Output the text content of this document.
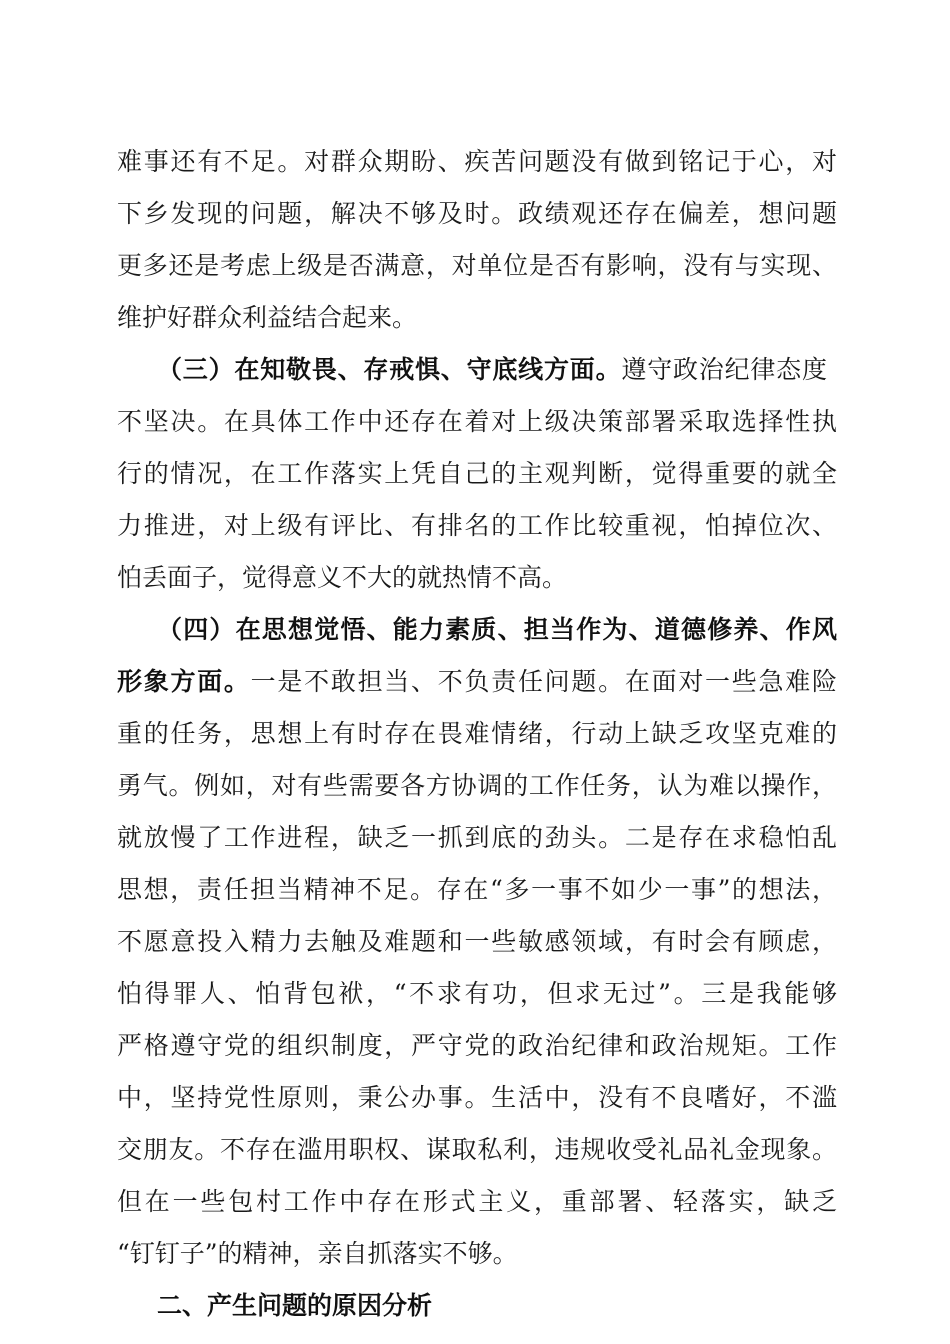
难事还有不足。对群众期盼、疾苦问题没有做到铭记于心，对
下乡发现的问题，解决不够及时。政绩观还存在偏差，想问题
更多还是考虑上级是否满意，对单位是否有影响，没有与实现、
维护好群众利益结合起来。
（三）在知敬畏、存戒惧、守底线方面。遵守政治纪律态度
不坚决。在具体工作中还存在着对上级决策部署采取选择性执
行的情况，在工作落实上凭自己的主观判断，觉得重要的就全
力推进，对上级有评比、有排名的工作比较重视，怕掉位次、
怕丢面子，觉得意义不大的就热情不高。
（四）在思想觉悟、能力素质、担当作为、道德修养、作风
形象方面。一是不敢担当、不负责任问题。在面对一些急难险
重的任务，思想上有时存在畏难情绪，行动上缺乏攻坚克难的
勇气。例如，对有些需要各方协调的工作任务，认为难以操作，
就放慢了工作进程，缺乏一抓到底的劲头。二是存在求稳怕乱
思想，责任担当精神不足。存在“多一事不如少一事”的想法，
不愿意投入精力去触及难题和一些敏感领域，有时会有顾虑，
怕得罪人、怕背包袱，“不求有功，但求无过”。三是我能够
严格遵守党的组织制度，严守党的政治纪律和政治规矩。工作
中，坚持党性原则，秉公办事。生活中，没有不良嗜好，不滥
交朋友。不存在滥用职权、谋取私利，违规收受礼品礼金现象。
但在一些包村工作中存在形式主义，重部署、轻落实，缺乏
“钉钉子”的精神，亲自抓落实不够。
二、产生问题的原因分析
